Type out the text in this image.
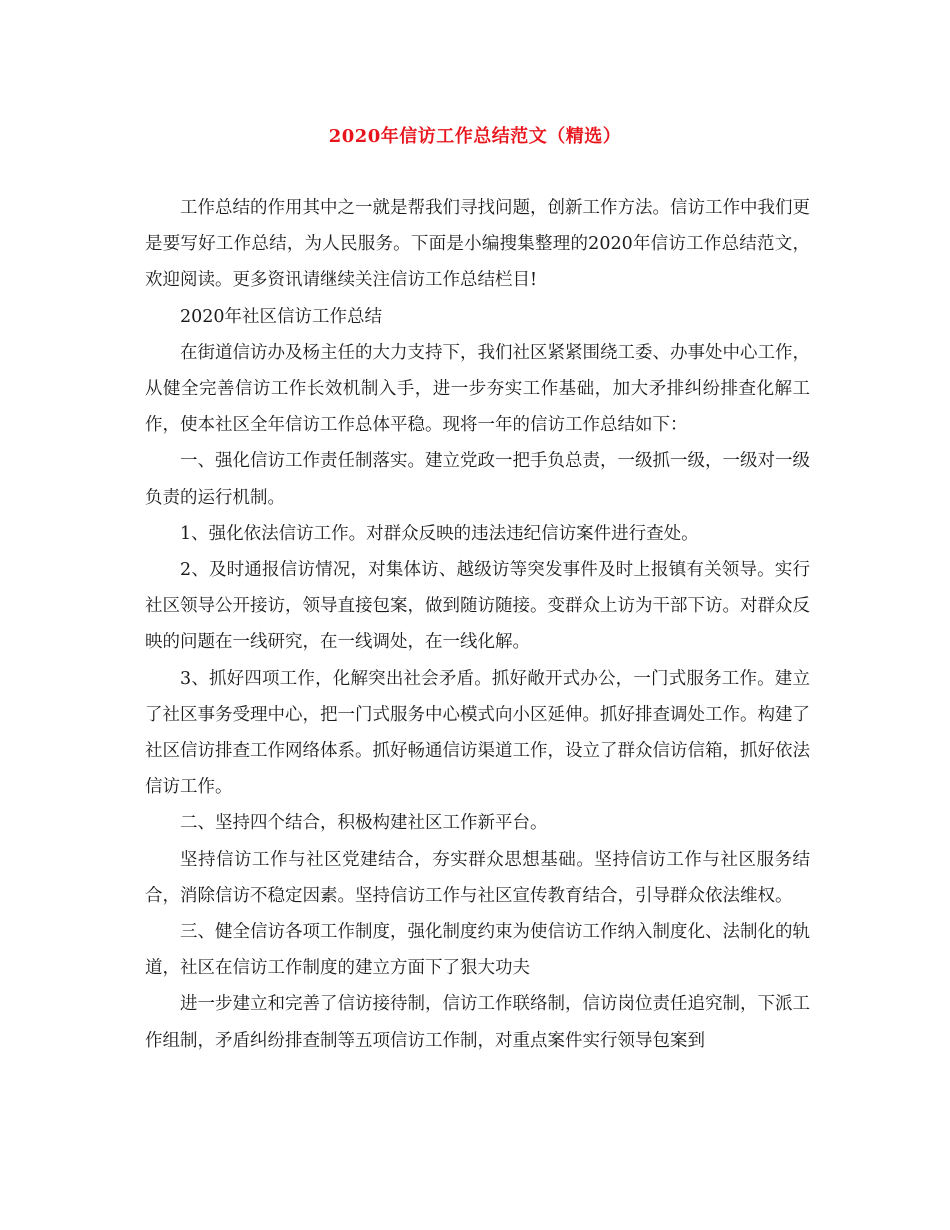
2020年信访工作总结范文（精选）

工作总结的作用其中之一就是帮我们寻找问题，创新工作方法。信访工作中我们更是要写好工作总结，为人民服务。下面是小编搜集整理的2020年信访工作总结范文，欢迎阅读。更多资讯请继续关注信访工作总结栏目!

2020年社区信访工作总结

在街道信访办及杨主任的大力支持下，我们社区紧紧围绕工委、办事处中心工作，从健全完善信访工作长效机制入手，进一步夯实工作基础，加大矛排纠纷排查化解工作，使本社区全年信访工作总体平稳。现将一年的信访工作总结如下：

一、强化信访工作责任制落实。建立党政一把手负总责，一级抓一级，一级对一级负责的运行机制。

1、强化依法信访工作。对群众反映的违法违纪信访案件进行查处。

2、及时通报信访情况，对集体访、越级访等突发事件及时上报镇有关领导。实行社区领导公开接访，领导直接包案，做到随访随接。变群众上访为干部下访。对群众反映的问题在一线研究，在一线调处，在一线化解。

3、抓好四项工作，化解突出社会矛盾。抓好敞开式办公，一门式服务工作。建立了社区事务受理中心，把一门式服务中心模式向小区延伸。抓好排查调处工作。构建了社区信访排查工作网络体系。抓好畅通信访渠道工作，设立了群众信访信箱，抓好依法信访工作。

二、坚持四个结合，积极构建社区工作新平台。

坚持信访工作与社区党建结合，夯实群众思想基础。坚持信访工作与社区服务结合，消除信访不稳定因素。坚持信访工作与社区宣传教育结合，引导群众依法维权。

三、健全信访各项工作制度，强化制度约束为使信访工作纳入制度化、法制化的轨道，社区在信访工作制度的建立方面下了狠大功夫

进一步建立和完善了信访接待制，信访工作联络制，信访岗位责任追究制，下派工作组制，矛盾纠纷排查制等五项信访工作制，对重点案件实行领导包案到
